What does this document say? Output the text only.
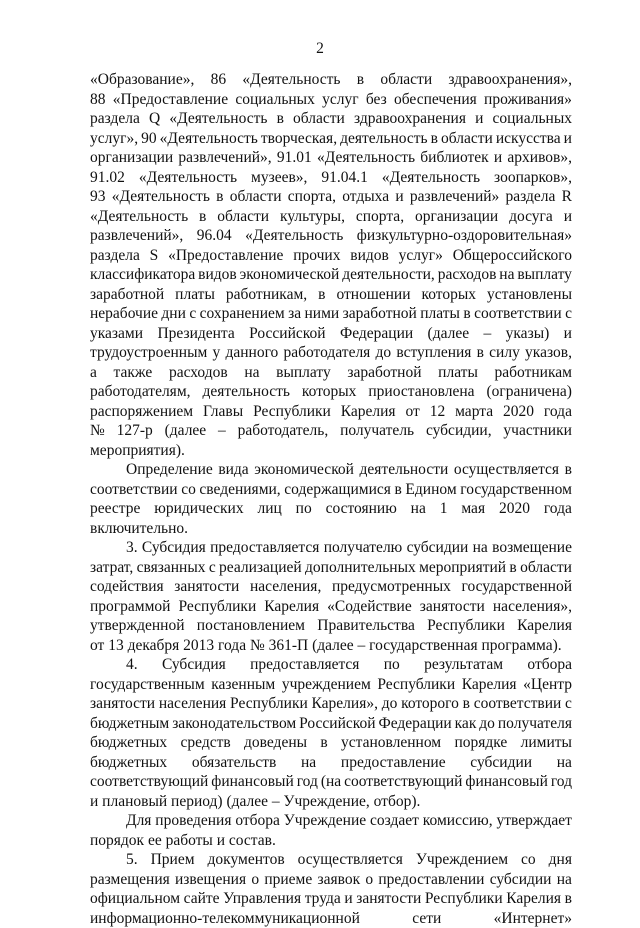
2
«Образование», 86 «Деятельность в области здравоохранения»,
88 «Предоставление социальных услуг без обеспечения проживания»
раздела Q «Деятельность в области здравоохранения и социальных
услуг», 90 «Деятельность творческая, деятельность в области искусства и
организации развлечений», 91.01 «Деятельность библиотек и архивов»,
91.02 «Деятельность музеев», 91.04.1 «Деятельность зоопарков»,
93 «Деятельность в области спорта, отдыха и развлечений» раздела R
«Деятельность в области культуры, спорта, организации досуга и
развлечений», 96.04 «Деятельность физкультурно-оздоровительная»
раздела S «Предоставление прочих видов услуг» Общероссийского
классификатора видов экономической деятельности, расходов на выплату
заработной платы работникам, в отношении которых установлены
нерабочие дни с сохранением за ними заработной платы в соответствии с
указами Президента Российской Федерации (далее – указы) и
трудоустроенным у данного работодателя до вступления в силу указов,
а также расходов на выплату заработной платы работникам
работодателям, деятельность которых приостановлена (ограничена)
распоряжением Главы Республики Карелия от 12 марта 2020 года
№ 127-р (далее – работодатель, получатель субсидии, участники
мероприятия).
Определение вида экономической деятельности осуществляется в
соответствии со сведениями, содержащимися в Едином государственном
реестре юридических лиц по состоянию на 1 мая 2020 года
включительно.
3. Субсидия предоставляется получателю субсидии на возмещение
затрат, связанных с реализацией дополнительных мероприятий в области
содействия занятости населения, предусмотренных государственной
программой Республики Карелия «Содействие занятости населения»,
утвержденной постановлением Правительства Республики Карелия
от 13 декабря 2013 года № 361-П (далее – государственная программа).
4. Субсидия предоставляется по результатам отбора
государственным казенным учреждением Республики Карелия «Центр
занятости населения Республики Карелия», до которого в соответствии с
бюджетным законодательством Российской Федерации как до получателя
бюджетных средств доведены в установленном порядке лимиты
бюджетных обязательств на предоставление субсидии на
соответствующий финансовый год (на соответствующий финансовый год
и плановый период) (далее – Учреждение, отбор).
Для проведения отбора Учреждение создает комиссию, утверждает
порядок ее работы и состав.
5. Прием документов осуществляется Учреждением со дня
размещения извещения о приеме заявок о предоставлении субсидии на
официальном сайте Управления труда и занятости Республики Карелия в
информационно-телекоммуникационной	сети	«Интернет»
